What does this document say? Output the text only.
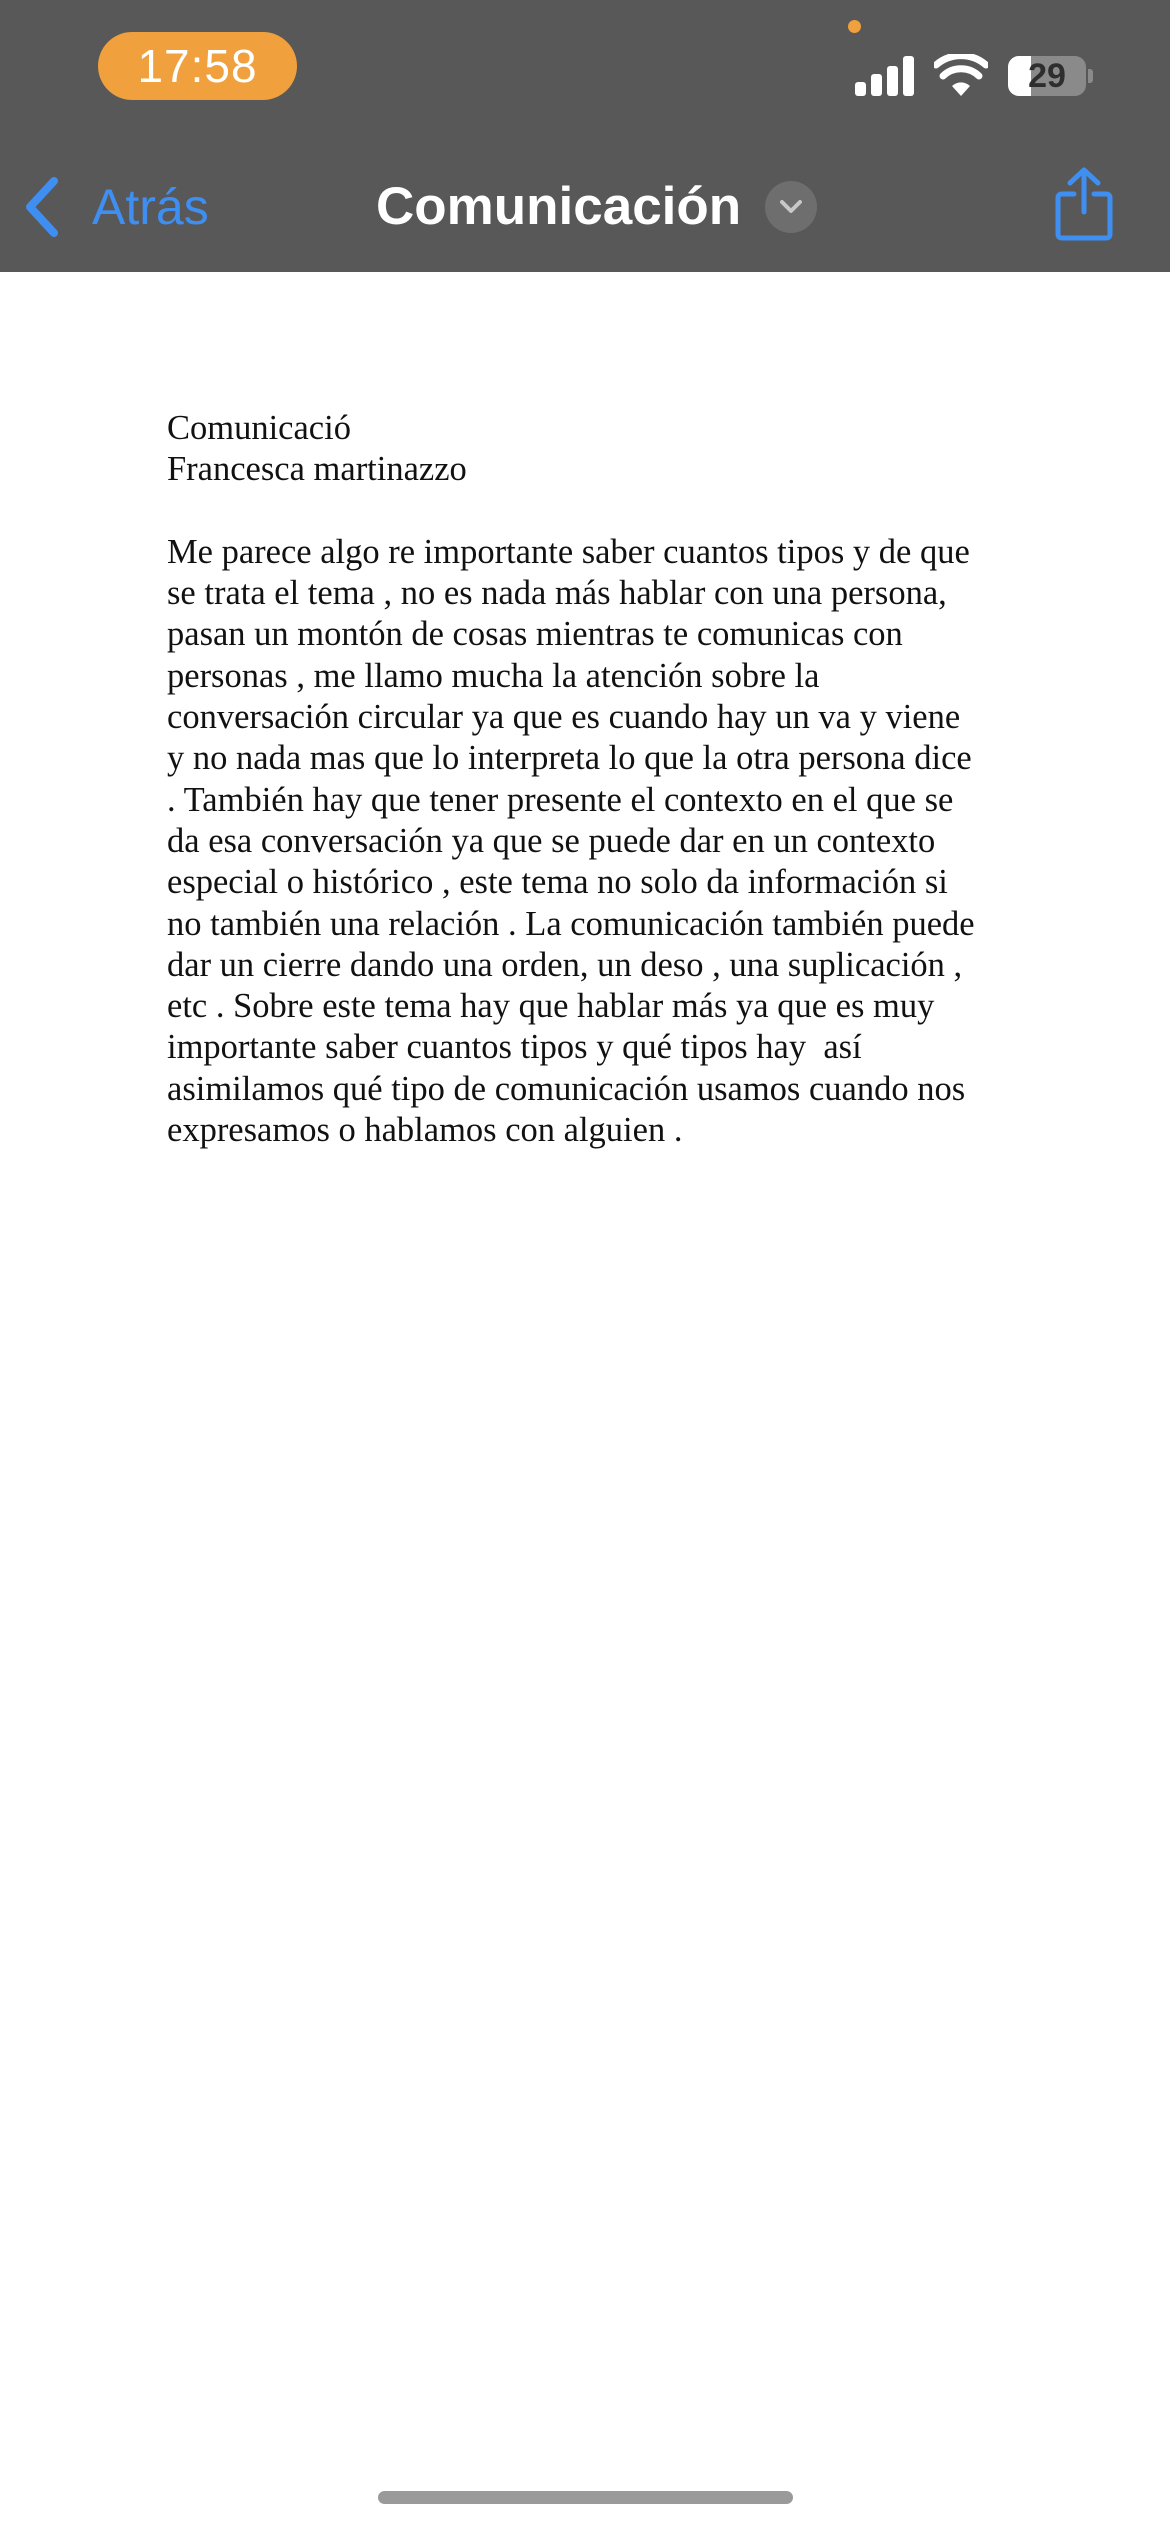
17:58	29
Atrás	Comunicación

Comunicació

Francesca martinazzo

Me parece algo re importante saber cuantos tipos y de que
se trata el tema , no es nada más hablar con una persona,
pasan un montón de cosas mientras te comunicas con
personas , me llamo mucha la atención sobre la
conversación circular ya que es cuando hay un va y viene
y no nada mas que lo interpreta lo que la otra persona dice
. También hay que tener presente el contexto en el que se
da esa conversación ya que se puede dar en un contexto
especial o histórico , este tema no solo da información si
no también una relación . La comunicación también puede
dar un cierre dando una orden, un deso , una suplicación ,
etc . Sobre este tema hay que hablar más ya que es muy
importante saber cuantos tipos y qué tipos hay  así
asimilamos qué tipo de comunicación usamos cuando nos
expresamos o hablamos con alguien .
